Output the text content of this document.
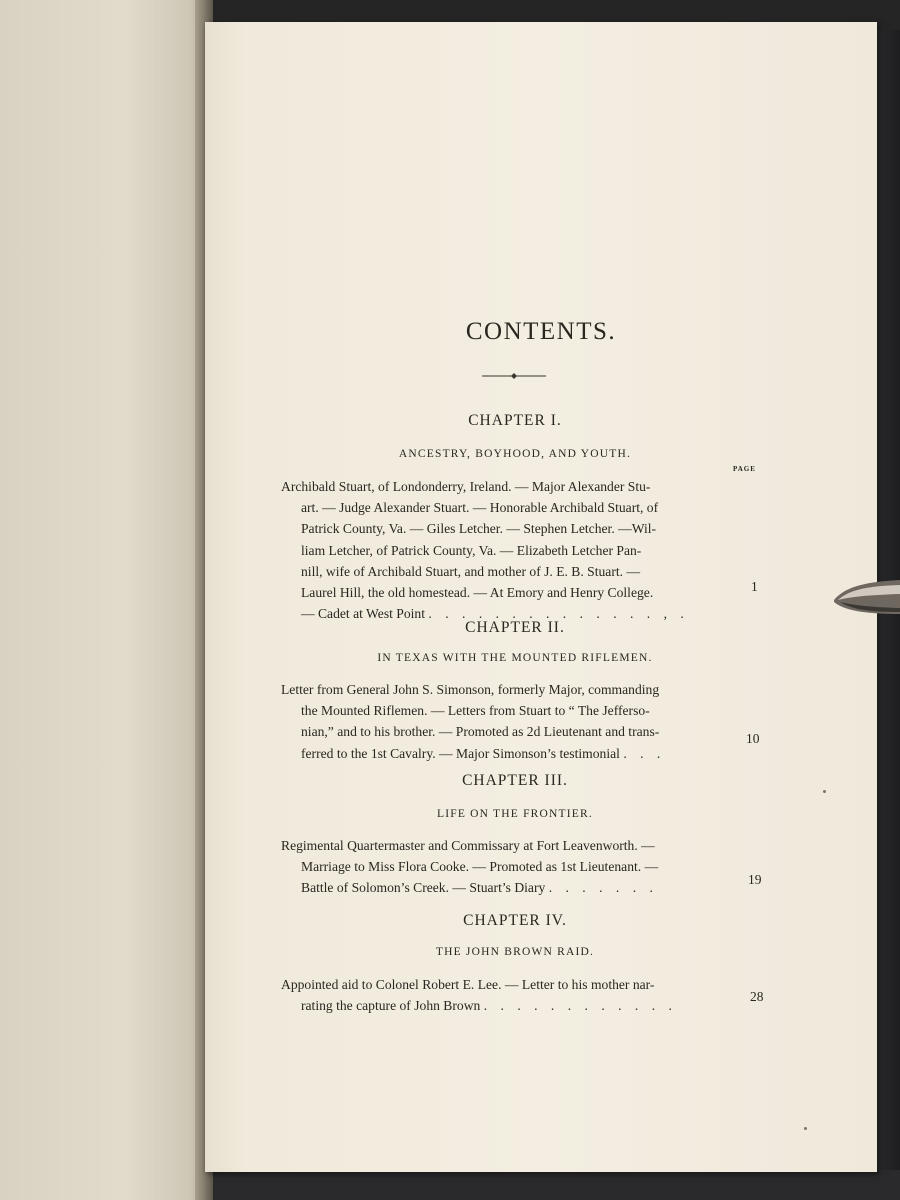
CONTENTS.
CHAPTER I.
ANCESTRY, BOYHOOD, AND YOUTH.
PAGE
Archibald Stuart, of Londonderry, Ireland. — Major Alexander Stu-
art. — Judge Alexander Stuart. — Honorable Archibald Stuart, of
Patrick County, Va. — Giles Letcher. — Stephen Letcher. —Wil-
liam Letcher, of Patrick County, Va. — Elizabeth Letcher Pan-
nill, wife of Archibald Stuart, and mother of J. E. B. Stuart. —
Laurel Hill, the old homestead. — At Emory and Henry College.
— Cadet at West Point . . . . . . . . . . . . . . , .
1
CHAPTER II.
IN TEXAS WITH THE MOUNTED RIFLEMEN.
Letter from General John S. Simonson, formerly Major, commanding
the Mounted Riflemen. — Letters from Stuart to “ The Jefferso-
nian,” and to his brother. — Promoted as 2d Lieutenant and trans-
ferred to the 1st Cavalry. — Major Simonson’s testimonial . . .
10
CHAPTER III.
LIFE ON THE FRONTIER.
Regimental Quartermaster and Commissary at Fort Leavenworth. —
Marriage to Miss Flora Cooke. — Promoted as 1st Lieutenant. —
Battle of Solomon’s Creek. — Stuart’s Diary . . . . . . .
19
CHAPTER IV.
THE JOHN BROWN RAID.
Appointed aid to Colonel Robert E. Lee. — Letter to his mother nar-
rating the capture of John Brown . . . . . . . . . . . .
28
